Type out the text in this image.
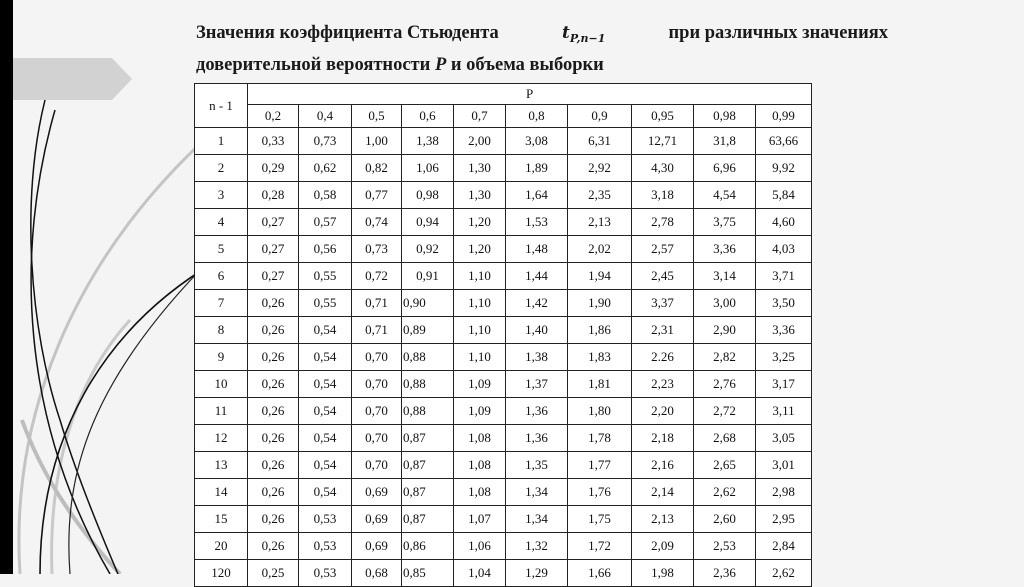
Значения коэффициента Стьюдента	$t_{P,n-1}$	при различных значениях
доверительной вероятности P и объема выборки
n - 1	P									
	0,2	0,4	0,5	0,6	0,7	0,8	0,9	0,95	0,98	0,99
1	0,33	0,73	1,00	1,38	2,00	3,08	6,31	12,71	31,8	63,66
2	0,29	0,62	0,82	1,06	1,30	1,89	2,92	4,30	6,96	9,92
3	0,28	0,58	0,77	0,98	1,30	1,64	2,35	3,18	4,54	5,84
4	0,27	0,57	0,74	0,94	1,20	1,53	2,13	2,78	3,75	4,60
5	0,27	0,56	0,73	0,92	1,20	1,48	2,02	2,57	3,36	4,03
6	0,27	0,55	0,72	0,91	1,10	1,44	1,94	2,45	3,14	3,71
7	0,26	0,55	0,71	0,90	1,10	1,42	1,90	3,37	3,00	3,50
8	0,26	0,54	0,71	0,89	1,10	1,40	1,86	2,31	2,90	3,36
9	0,26	0,54	0,70	0,88	1,10	1,38	1,83	2.26	2,82	3,25
10	0,26	0,54	0,70	0,88	1,09	1,37	1,81	2,23	2,76	3,17
11	0,26	0,54	0,70	0,88	1,09	1,36	1,80	2,20	2,72	3,11
12	0,26	0,54	0,70	0,87	1,08	1,36	1,78	2,18	2,68	3,05
13	0,26	0,54	0,70	0,87	1,08	1,35	1,77	2,16	2,65	3,01
14	0,26	0,54	0,69	0,87	1,08	1,34	1,76	2,14	2,62	2,98
15	0,26	0,53	0,69	0,87	1,07	1,34	1,75	2,13	2,60	2,95
20	0,26	0,53	0,69	0,86	1,06	1,32	1,72	2,09	2,53	2,84
120	0,25	0,53	0,68	0,85	1,04	1,29	1,66	1,98	2,36	2,62
